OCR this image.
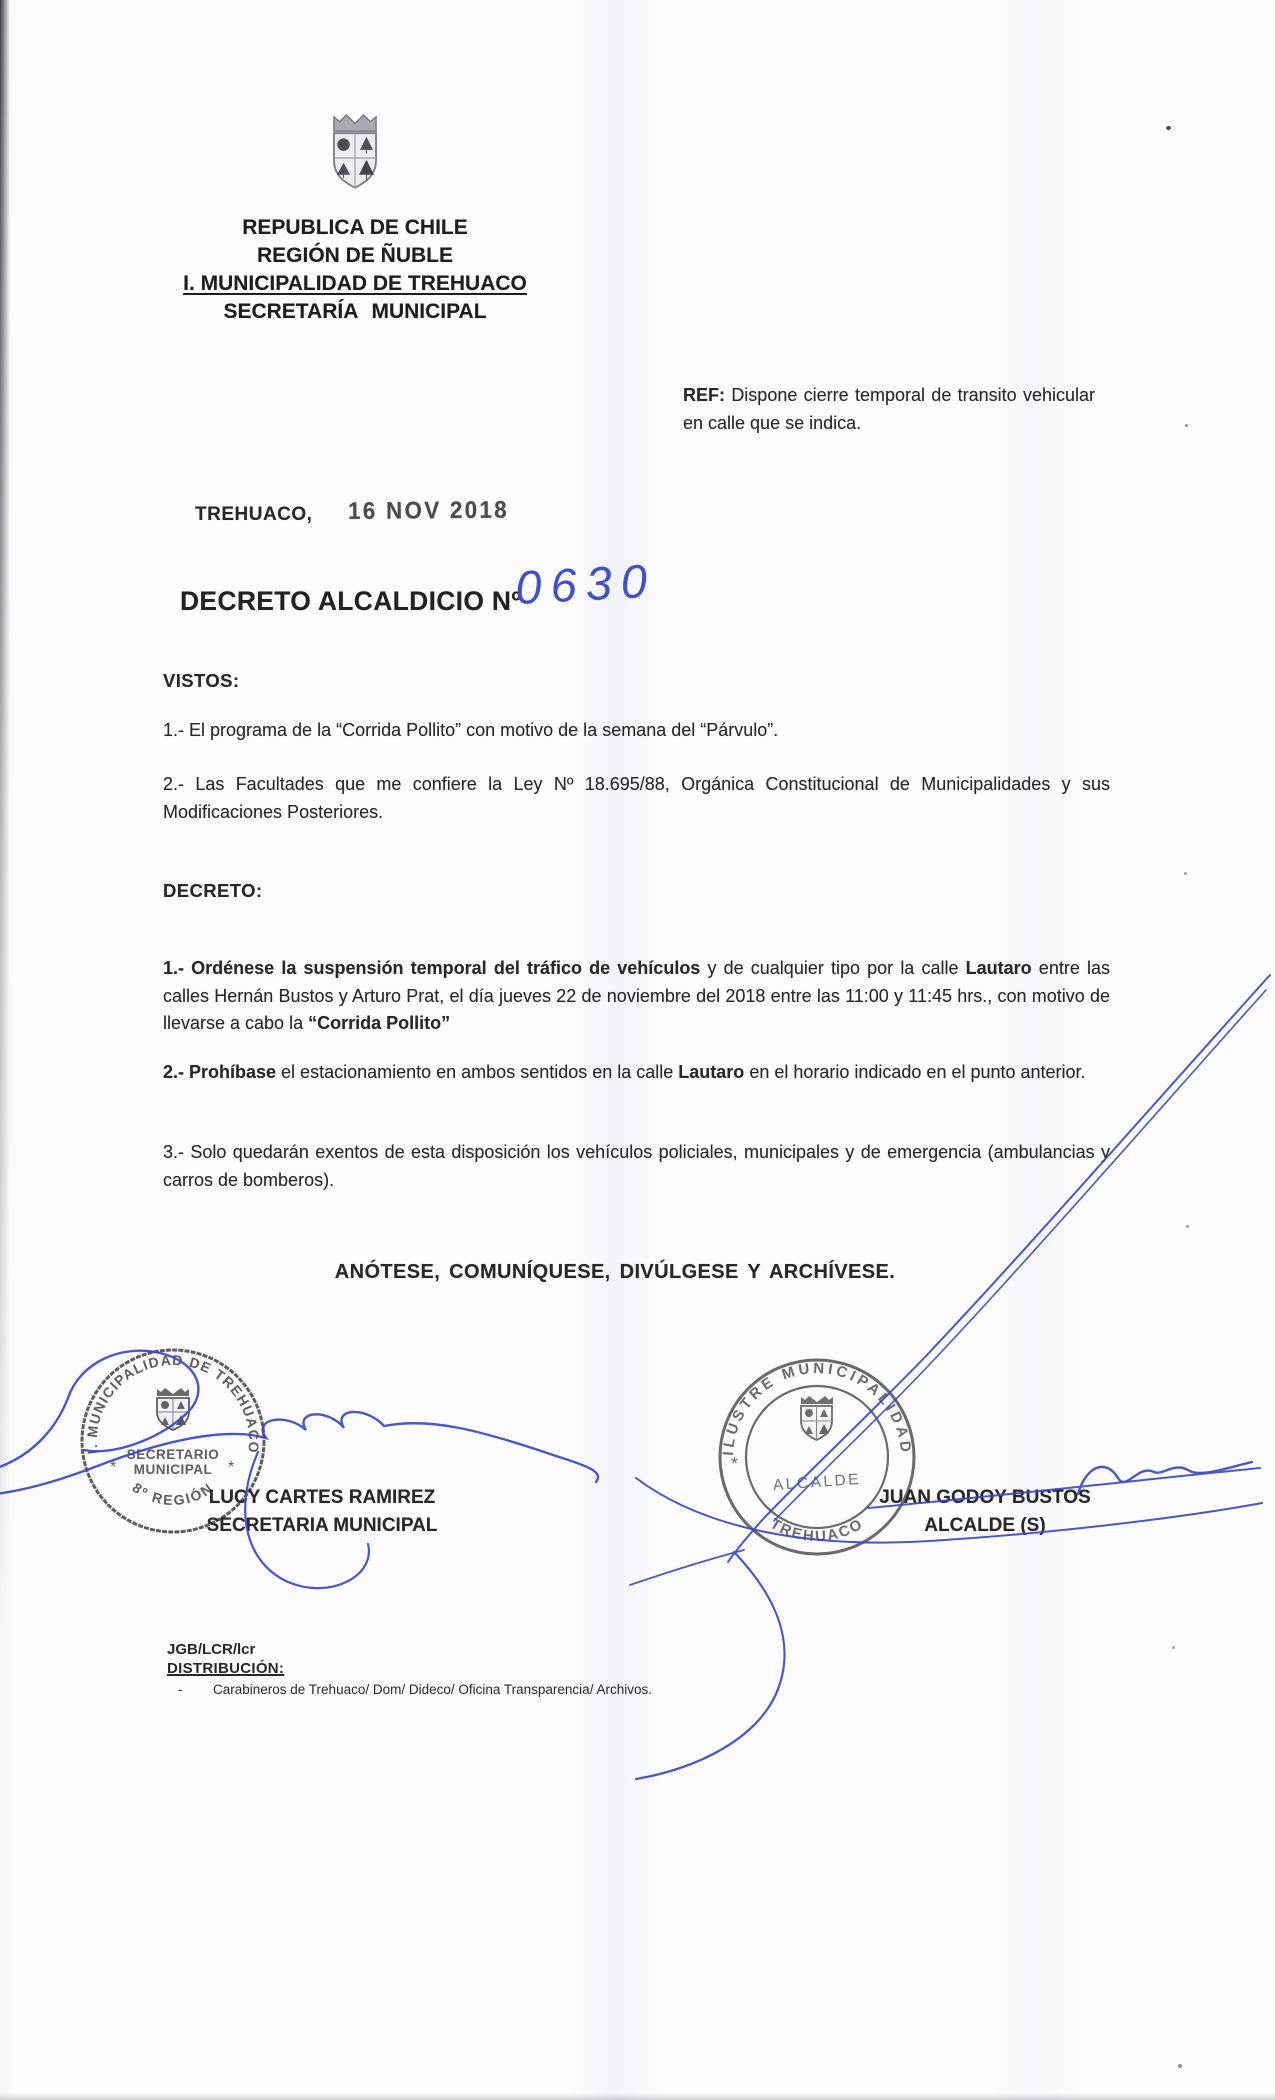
REPUBLICA DE CHILE
REGIÓN DE ÑUBLE
I. MUNICIPALIDAD DE TREHUACO
SECRETARÍA MUNICIPAL
REF: Dispone cierre temporal de transito vehicular en calle que se indica.
TREHUACO, 16 NOV 2018
DECRETO ALCALDICIO Nº
0630
VISTOS:
1.- El programa de la “Corrida Pollito” con motivo de la semana del “Párvulo”.
2.- Las Facultades que me confiere la Ley Nº 18.695/88, Orgánica Constitucional de Municipalidades y sus Modificaciones Posteriores.
DECRETO:
1.- Ordénese la suspensión temporal del tráfico de vehículos y de cualquier tipo por la calle Lautaro entre las calles Hernán Bustos y Arturo Prat, el día jueves 22 de noviembre del 2018 entre las 11:00 y 11:45 hrs., con motivo de llevarse a cabo la “Corrida Pollito”
2.- Prohíbase el estacionamiento en ambos sentidos en la calle Lautaro en el horario indicado en el punto anterior.
3.- Solo quedarán exentos de esta disposición los vehículos policiales, municipales y de emergencia (ambulancias y carros de bomberos).
ANÓTESE, COMUNÍQUESE, DIVÚLGESE Y ARCHÍVESE.
I. MUNICIPALIDAD DE TREHUACO
8º REGIÓN
SECRETARIO
MUNICIPAL
*	*
ILUSTRE MUNICIPALIDAD
TREHUACO
*
ALCALDE
LUCY CARTES RAMIREZ
SECRETARIA MUNICIPAL
JUAN GODOY BUSTOS
ALCALDE (S)
JGB/LCR/lcr
DISTRIBUCIÓN:
-	Carabineros de Trehuaco/ Dom/ Dideco/ Oficina Transparencia/ Archivos.
